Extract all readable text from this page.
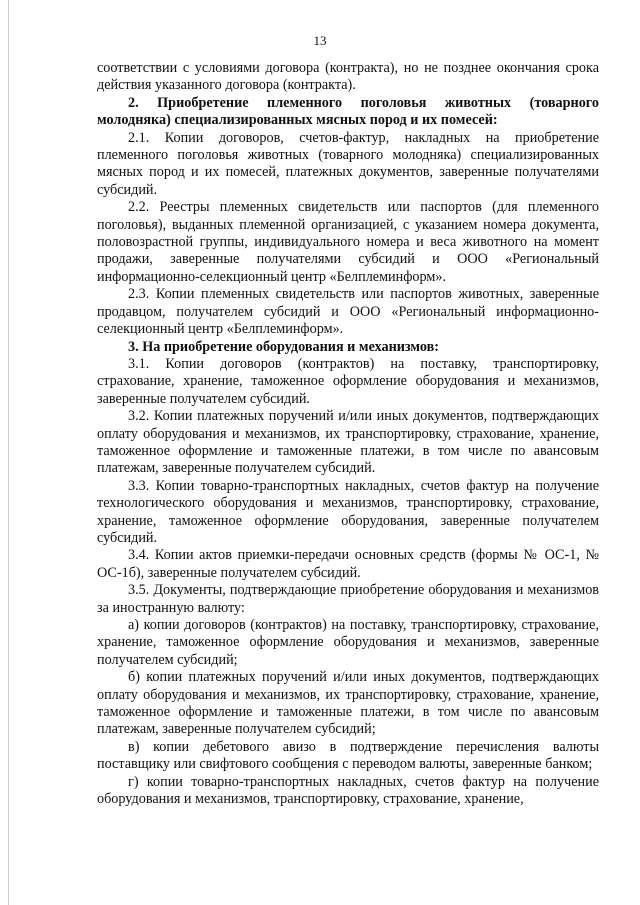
13

соответствии с условиями договора (контракта), но не позднее окончания срока действия указанного договора (контракта).

2. Приобретение племенного поголовья животных (товарного молодняка) специализированных мясных пород и их помесей:

2.1. Копии договоров, счетов-фактур, накладных на приобретение племенного поголовья животных (товарного молодняка) специализированных мясных пород и их помесей, платежных документов, заверенные получателями субсидий.

2.2. Реестры племенных свидетельств или паспортов (для племенного поголовья), выданных племенной организацией, с указанием номера документа, половозрастной группы, индивидуального номера и веса животного на момент продажи, заверенные получателями субсидий и ООО «Региональный информационно-селекционный центр «Белплеминформ».

2.3. Копии племенных свидетельств или паспортов животных, заверенные продавцом, получателем субсидий и ООО «Региональный информационно-селекционный центр «Белплеминформ».

3. На приобретение оборудования и механизмов:

3.1. Копии договоров (контрактов) на поставку, транспортировку, страхование, хранение, таможенное оформление оборудования и механизмов, заверенные получателем субсидий.

3.2. Копии платежных поручений и/или иных документов, подтверждающих оплату оборудования и механизмов, их транспортировку, страхование, хранение, таможенное оформление и таможенные платежи, в том числе по авансовым платежам, заверенные получателем субсидий.

3.3. Копии товарно-транспортных накладных, счетов фактур на получение технологического оборудования и механизмов, транспортировку, страхование, хранение, таможенное оформление оборудования, заверенные получателем субсидий.

3.4. Копии актов приемки-передачи основных средств (формы № ОС-1, № ОС-1б), заверенные получателем субсидий.

3.5. Документы, подтверждающие приобретение оборудования и механизмов за иностранную валюту:

а) копии договоров (контрактов) на поставку, транспортировку, страхование, хранение, таможенное оформление оборудования и механизмов, заверенные получателем субсидий;

б) копии платежных поручений и/или иных документов, подтверждающих оплату оборудования и механизмов, их транспортировку, страхование, хранение, таможенное оформление и таможенные платежи, в том числе по авансовым платежам, заверенные получателем субсидий;

в) копии дебетового авизо в подтверждение перечисления валюты поставщику или свифтового сообщения с переводом валюты, заверенные банком;

г) копии товарно-транспортных накладных, счетов фактур на получение оборудования и механизмов, транспортировку, страхование, хранение,
